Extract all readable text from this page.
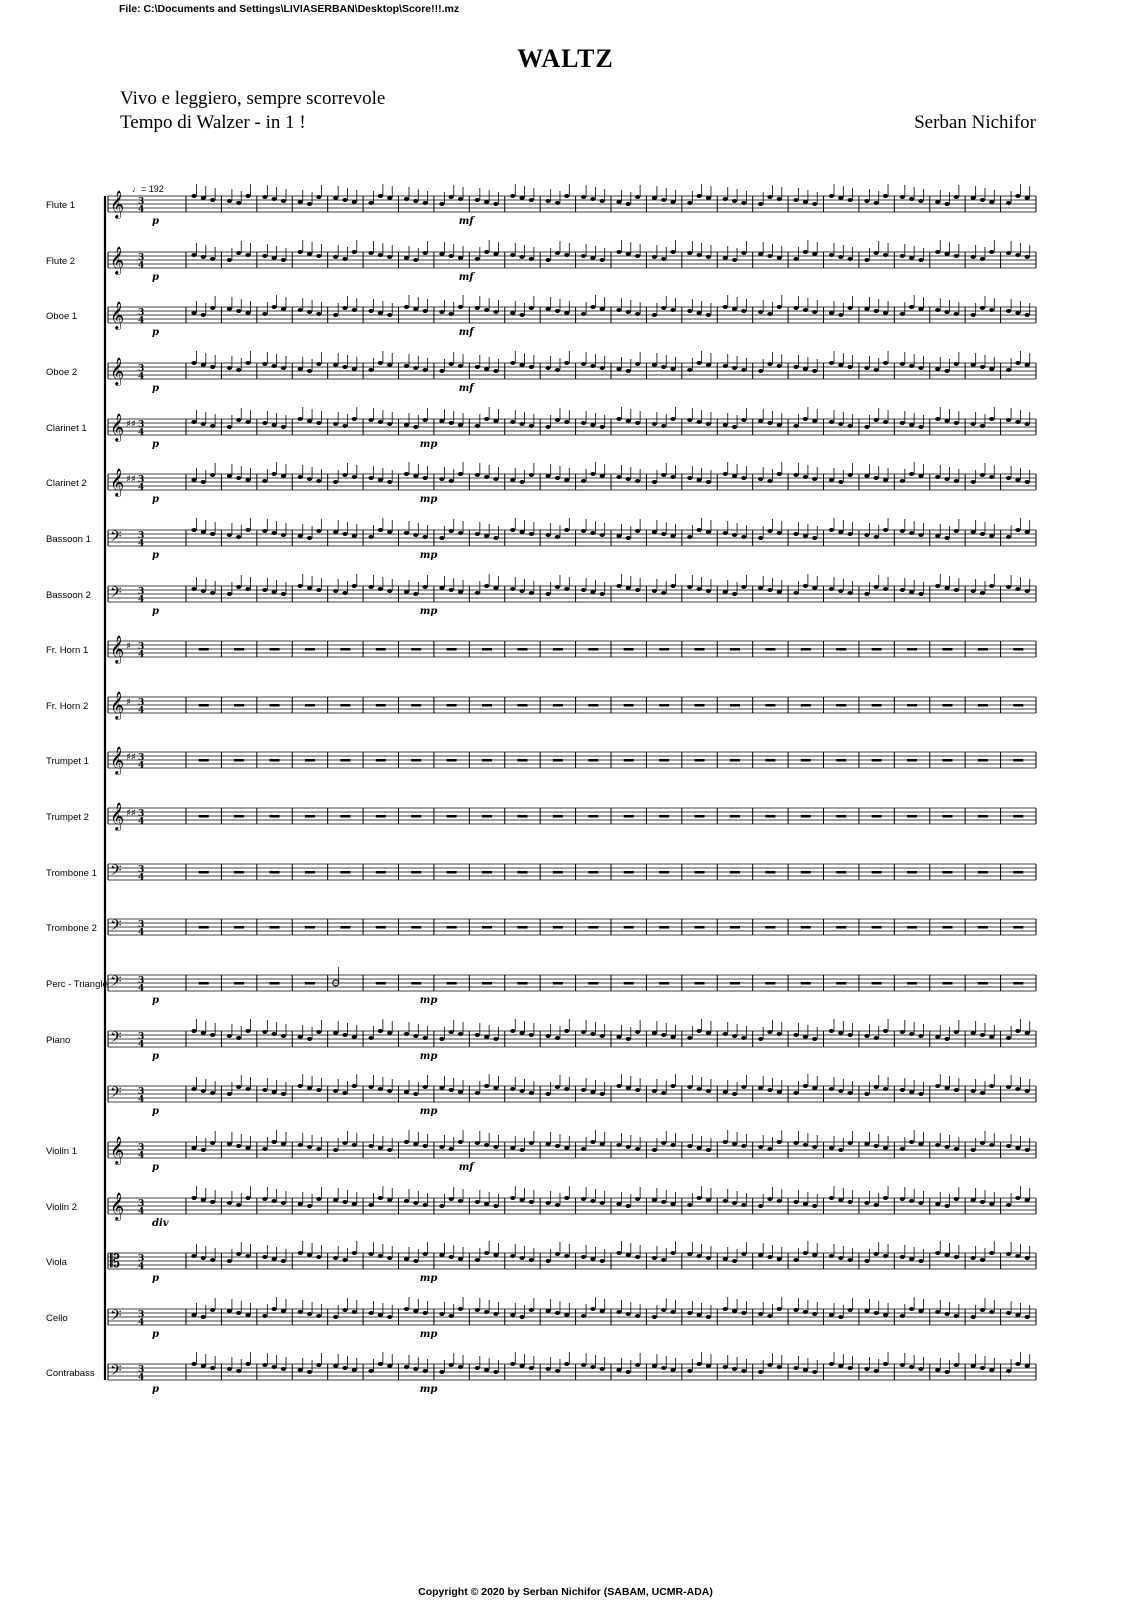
File: C:\Documents and Settings\LIVIASERBAN\Desktop\Score!!!.mz
WALTZ
Vivo e leggiero, sempre scorrevole
Tempo di Walzer - in 1 !	Serban Nichifor
♩= 192
𝄞 3
4
p	mf
𝄞 3
4
p	mf
𝄞 3
4
p	mf
𝄞 3
4
p	mf
𝄞 ♯♯ 3
4
p	mp
𝄞 ♯♯ 3
4
p	mp
𝄢 3
4
p	mp
𝄢 3
4
p	mp
𝄞 ♯ 3
4
𝄞 ♯ 3
4
𝄞 ♯♯ 3
4
𝄞 ♯♯ 3
4
𝄢 3
4
𝄢 3
4
𝄢 3
4
p	mp
𝄢 3
4
p	mp
𝄢 3
4
p	mp
𝄞 3
4
p	mf
𝄞 3
4
div
𝄡 3
4
p	mp
𝄢 3
4
p	mp
𝄢 3
4
p	mp
Flute 1
Flute 2
Oboe 1
Oboe 2
Clarinet 1
Clarinet 2
Bassoon 1
Bassoon 2
Fr. Horn 1
Fr. Horn 2
Trumpet 1
Trumpet 2
Trombone 1
Trombone 2
Perc - Triangle
Piano
Violin 1
Violin 2
Viola
Cello
Contrabass
Copyright © 2020 by Serban Nichifor (SABAM, UCMR-ADA)
